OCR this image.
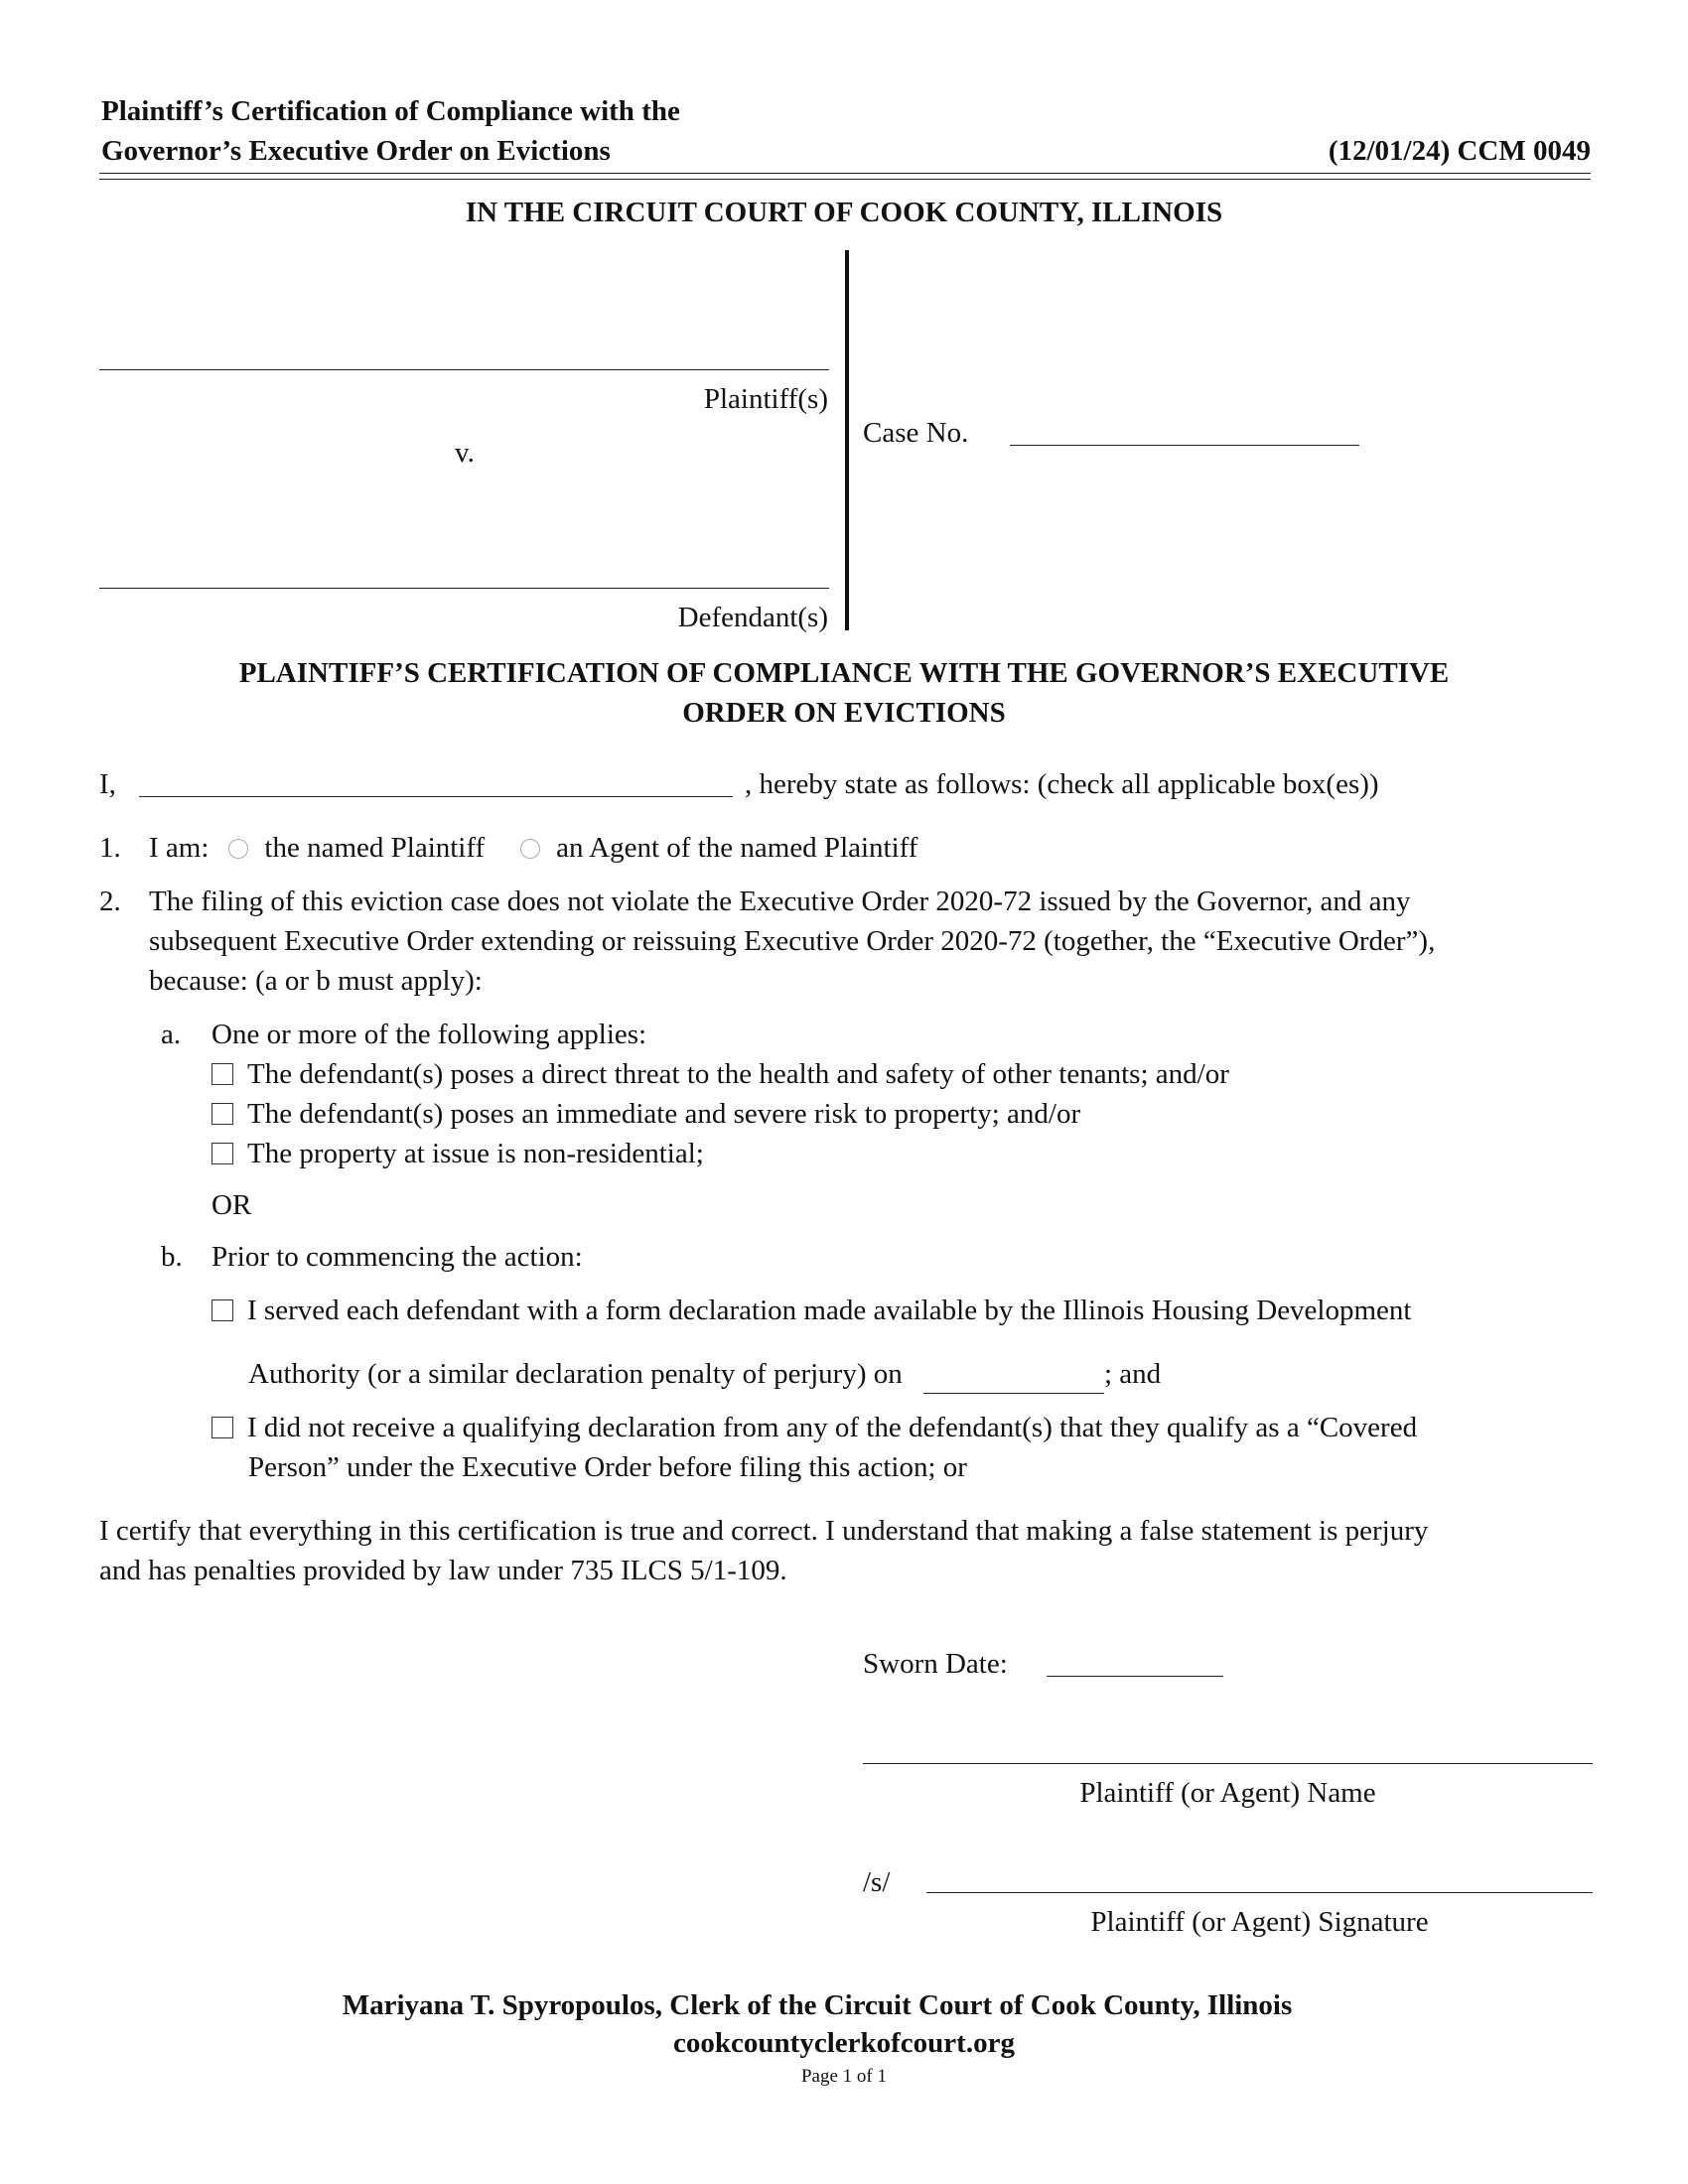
Plaintiff’s Certification of Compliance with the
Governor’s Executive Order on Evictions	(12/01/24) CCM 0049
IN THE CIRCUIT COURT OF COOK COUNTY, ILLINOIS
Plaintiff(s)
v.
Defendant(s)
Case No.
PLAINTIFF’S CERTIFICATION OF COMPLIANCE WITH THE GOVERNOR’S EXECUTIVE
ORDER ON EVICTIONS
I,	, hereby state as follows: (check all applicable box(es))
1. I am: the named Plaintiff an Agent of the named Plaintiff
2. The filing of this eviction case does not violate the Executive Order 2020-72 issued by the Governor, and any
subsequent Executive Order extending or reissuing Executive Order 2020-72 (together, the “Executive Order”),
because: (a or b must apply):
a. One or more of the following applies:
The defendant(s) poses a direct threat to the health and safety of other tenants; and/or
The defendant(s) poses an immediate and severe risk to property; and/or
The property at issue is non-residential;
OR
b. Prior to commencing the action:
I served each defendant with a form declaration made available by the Illinois Housing Development
Authority (or a similar declaration penalty of perjury) on	; and
I did not receive a qualifying declaration from any of the defendant(s) that they qualify as a “Covered
Person” under the Executive Order before filing this action; or
I certify that everything in this certification is true and correct. I understand that making a false statement is perjury
and has penalties provided by law under 735 ILCS 5/1-109.
Sworn Date:
Plaintiff (or Agent) Name
/s/
Plaintiff (or Agent) Signature
Mariyana T. Spyropoulos, Clerk of the Circuit Court of Cook County, Illinois
cookcountyclerkofcourt.org
Page 1 of 1
